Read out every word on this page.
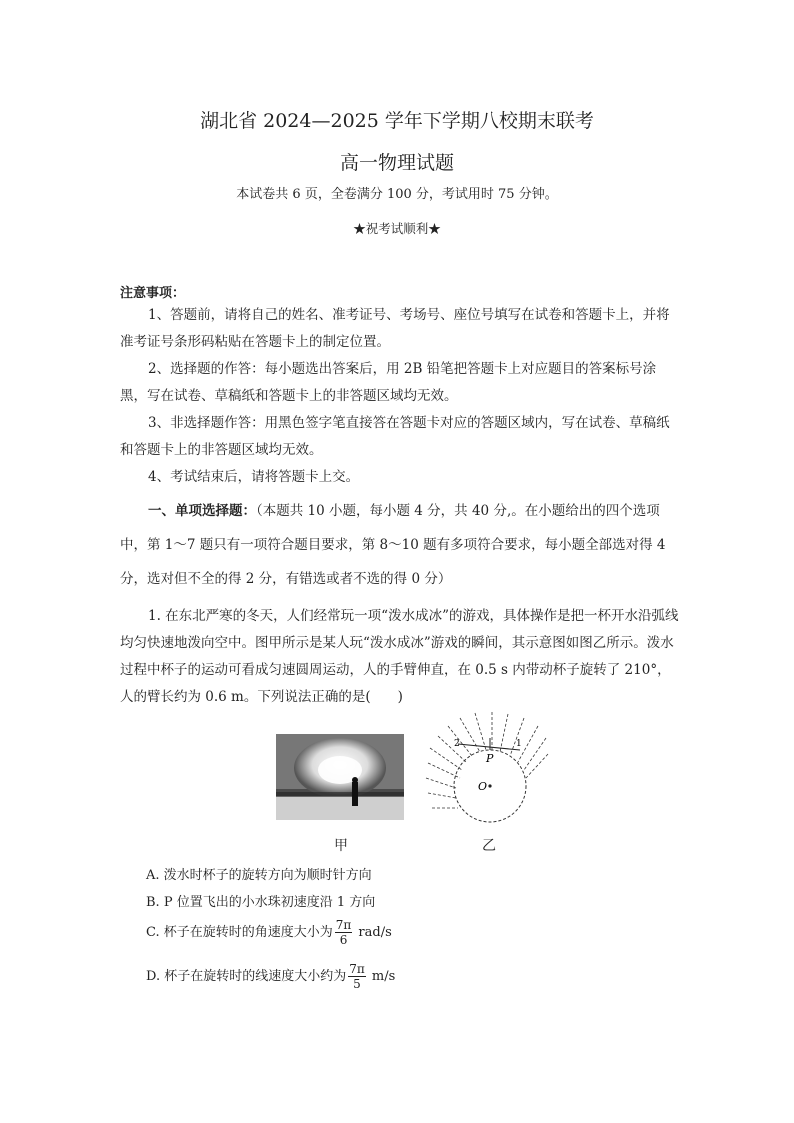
湖北省 2024—2025 学年下学期八校期末联考
高一物理试题
本试卷共 6 页，全卷满分 100 分，考试用时 75 分钟。
★祝考试顺利★
注意事项：
1、答题前，请将自己的姓名、准考证号、考场号、座位号填写在试卷和答题卡上，并将准考证号条形码粘贴在答题卡上的制定位置。
2、选择题的作答：每小题选出答案后，用 2B 铅笔把答题卡上对应题目的答案标号涂黑，写在试卷、草稿纸和答题卡上的非答题区域均无效。
3、非选择题作答：用黑色签字笔直接答在答题卡对应的答题区域内，写在试卷、草稿纸和答题卡上的非答题区域均无效。
4、考试结束后，请将答题卡上交。
一、单项选择题：（本题共 10 小题，每小题 4 分，共 40 分,。在小题给出的四个选项中，第 1～7 题只有一项符合题目要求，第 8～10 题有多项符合要求，每小题全部选对得 4 分，选对但不全的得 2 分，有错选或者不选的得 0 分）
1. 在东北严寒的冬天，人们经常玩一项“泼水成冰”的游戏，具体操作是把一杯开水沿弧线均匀快速地泼向空中。图甲所示是某人玩“泼水成冰”游戏的瞬间，其示意图如图乙所示。泼水过程中杯子的运动可看成匀速圆周运动，人的手臂伸直，在 0.5 s 内带动杯子旋转了 210°，人的臂长约为 0.6 m。下列说法正确的是(　　)
2	1
P
O
甲	乙
A. 泼水时杯子的旋转方向为顺时针方向
B. P 位置飞出的小水珠初速度沿 1 方向
C. 杯子在旋转时的角速度大小为 $\frac{7\pi}{6} rad/s$
D. 杯子在旋转时的线速度大小约为 $\frac{7\pi}{5} m/s$
